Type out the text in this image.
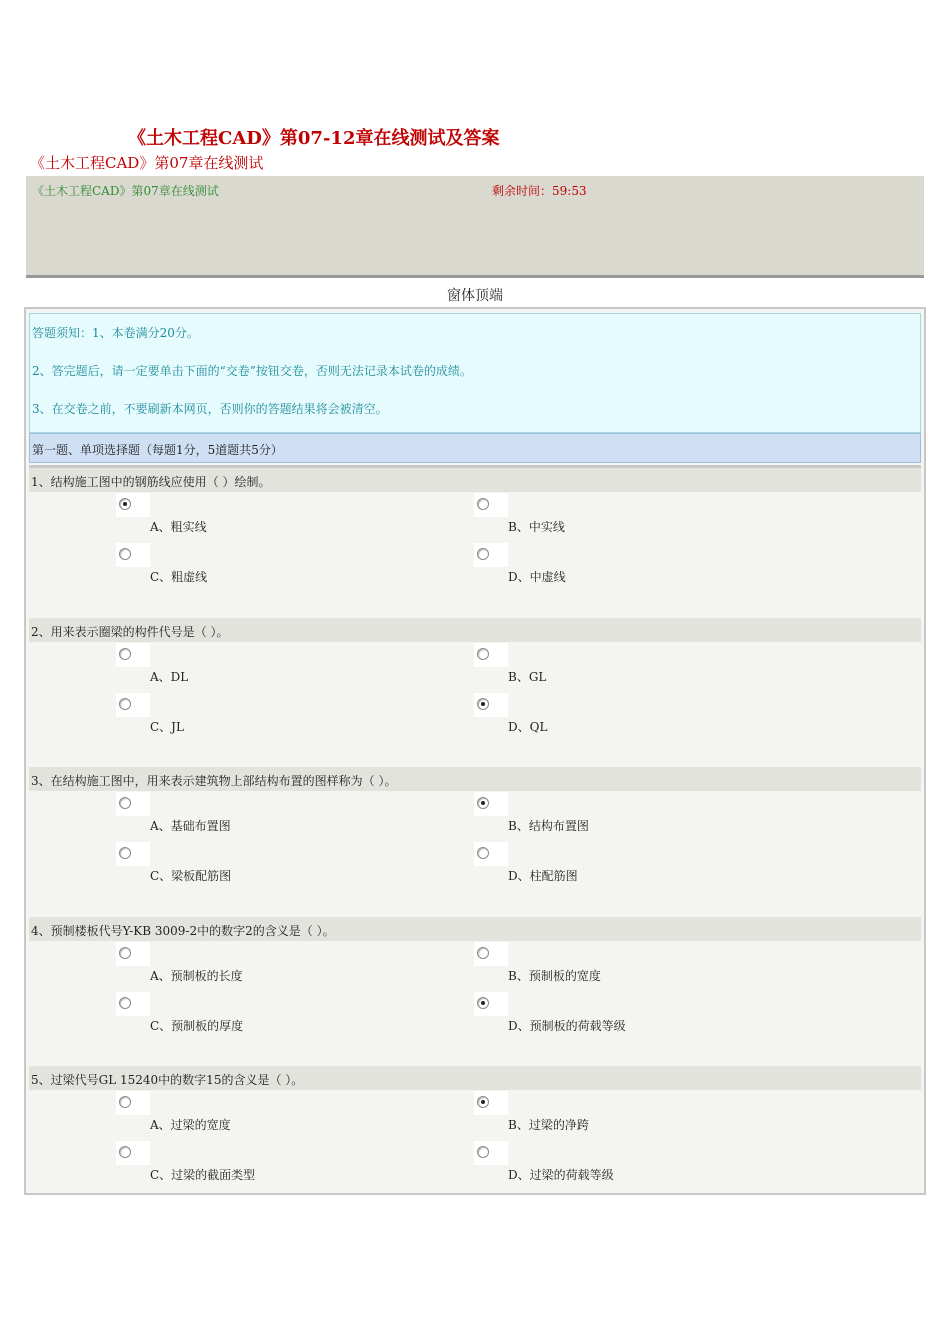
《土木工程CAD》第07-12章在线测试及答案
《土木工程CAD》第07章在线测试
《土木工程CAD》第07章在线测试	剩余时间：59:53
窗体顶端
答题须知：1、本卷满分20分。
2、答完题后，请一定要单击下面的“交卷”按钮交卷，否则无法记录本试卷的成绩。
3、在交卷之前，不要刷新本网页，否则你的答题结果将会被清空。
第一题、单项选择题（每题1分，5道题共5分）
1、结构施工图中的钢筋线应使用（ ）绘制。
A、粗实线	B、中实线
C、粗虚线	D、中虚线
2、用来表示圈梁的构件代号是（ ）。
A、DL	B、GL
C、JL	D、QL
3、在结构施工图中，用来表示建筑物上部结构布置的图样称为（ ）。
A、基础布置图	B、结构布置图
C、梁板配筋图	D、柱配筋图
4、预制楼板代号Y-KB 3009-2中的数字2的含义是（ ）。
A、预制板的长度	B、预制板的宽度
C、预制板的厚度	D、预制板的荷载等级
5、过梁代号GL 15240中的数字15的含义是（ ）。
A、过梁的宽度	B、过梁的净跨
C、过梁的截面类型	D、过梁的荷载等级
